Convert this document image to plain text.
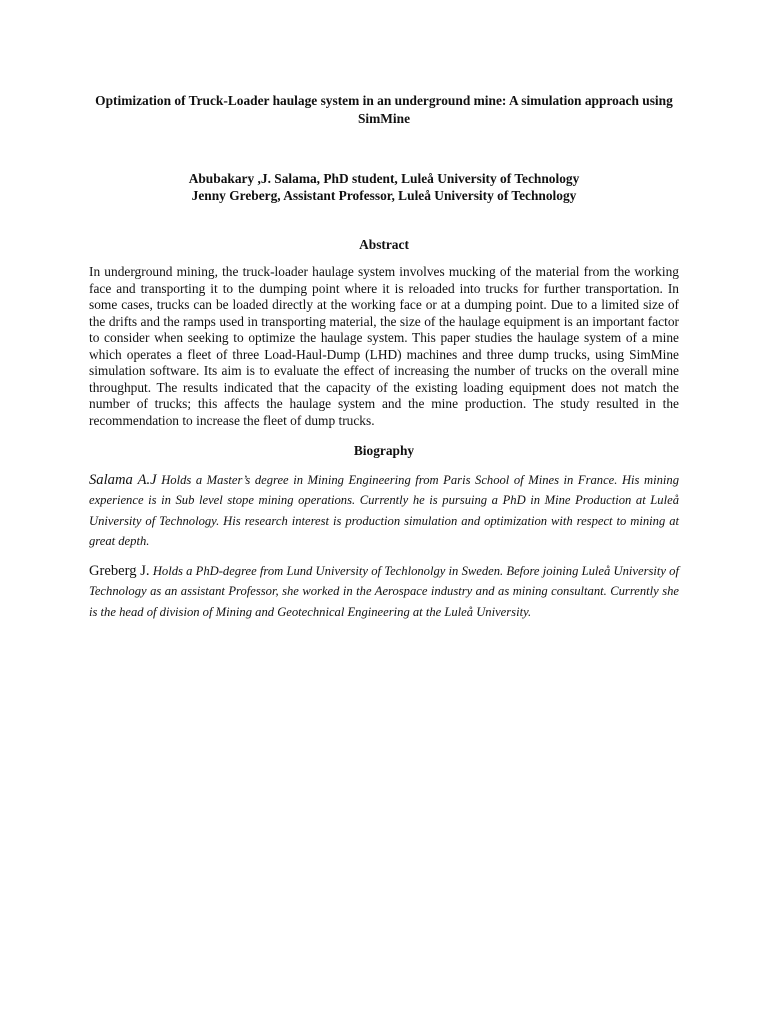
Optimization of Truck-Loader haulage system in an underground mine: A simulation approach using SimMine
Abubakary ,J. Salama, PhD student, Luleå University of Technology
Jenny Greberg, Assistant Professor, Luleå University of Technology
Abstract
In underground mining, the truck-loader haulage system involves mucking of the material from the working face and transporting it to the dumping point where it is reloaded into trucks for further transportation. In some cases, trucks can be loaded directly at the working face or at a dumping point. Due to a limited size of the drifts and the ramps used in transporting material, the size of the haulage equipment is an important factor to consider when seeking to optimize the haulage system. This paper studies the haulage system of a mine which operates a fleet of three Load-Haul-Dump (LHD) machines and three dump trucks, using SimMine simulation software. Its aim is to evaluate the effect of increasing the number of trucks on the overall mine throughput. The results indicated that the capacity of the existing loading equipment does not match the number of trucks; this affects the haulage system and the mine production. The study resulted in the recommendation to increase the fleet of dump trucks.
Biography
Salama A.J Holds a Master’s degree in Mining Engineering from Paris School of Mines in France. His mining experience is in Sub level stope mining operations. Currently he is pursuing a PhD in Mine Production at Luleå University of Technology. His research interest is production simulation and optimization with respect to mining at great depth.
Greberg J. Holds a PhD-degree from Lund University of Techlonolgy in Sweden. Before joining Luleå University of Technology as an assistant Professor, she worked in the Aerospace industry and as mining consultant. Currently she is the head of division of Mining and Geotechnical Engineering at the Luleå University.
